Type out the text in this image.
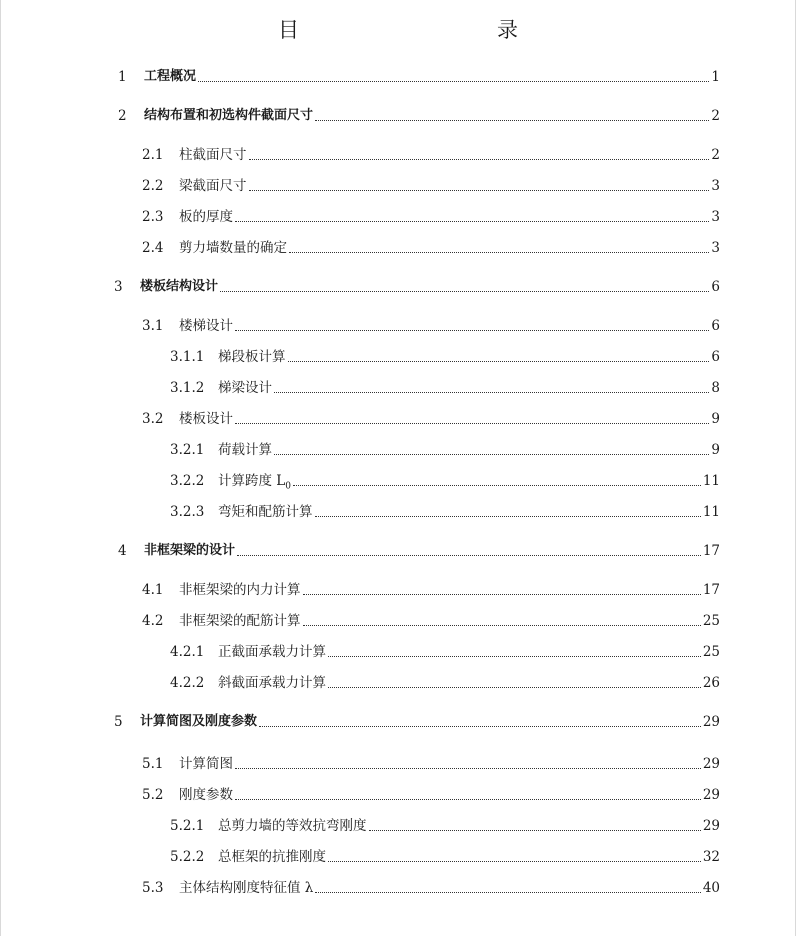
目　　录
1	工程概况	1
2	结构布置和初选构件截面尺寸	2
2.1	柱截面尺寸	2
2.2	梁截面尺寸	3
2.3	板的厚度	3
2.4	剪力墙数量的确定	3
3	楼板结构设计	6
3.1	楼梯设计	6
3.1.1	梯段板计算	6
3.1.2	梯梁设计	8
3.2	楼板设计	9
3.2.1	荷载计算	9
3.2.2	计算跨度 $L_0$	11
3.2.3	弯矩和配筋计算	11
4	非框架梁的设计	17
4.1	非框架梁的内力计算	17
4.2	非框架梁的配筋计算	25
4.2.1	正截面承载力计算	25
4.2.2	斜截面承载力计算	26
5	计算简图及刚度参数	29
5.1	计算简图	29
5.2	刚度参数	29
5.2.1	总剪力墙的等效抗弯刚度	29
5.2.2	总框架的抗推刚度	32
5.3	主体结构刚度特征值 λ	40
